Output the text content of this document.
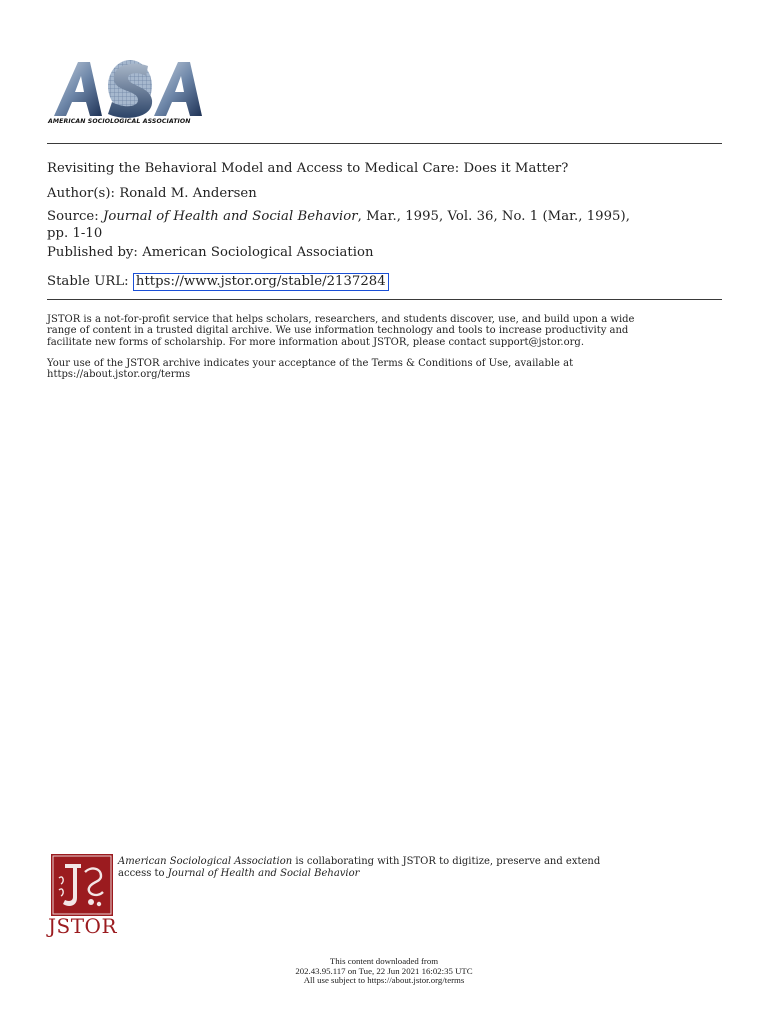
AMERICAN SOCIOLOGICAL ASSOCIATION
Revisiting the Behavioral Model and Access to Medical Care: Does it Matter?
Author(s): Ronald M. Andersen
Source: Journal of Health and Social Behavior, Mar., 1995, Vol. 36, No. 1 (Mar., 1995),
pp. 1-10
Published by: American Sociological Association
Stable URL: https://www.jstor.org/stable/2137284
JSTOR is a not-for-profit service that helps scholars, researchers, and students discover, use, and build upon a wide
range of content in a trusted digital archive. We use information technology and tools to increase productivity and
facilitate new forms of scholarship. For more information about JSTOR, please contact support@jstor.org.
Your use of the JSTOR archive indicates your acceptance of the Terms & Conditions of Use, available at
https://about.jstor.org/terms
JSTOR
American Sociological Association is collaborating with JSTOR to digitize, preserve and extend
access to Journal of Health and Social Behavior
This content downloaded from
202.43.95.117 on Tue, 22 Jun 2021 16:02:35 UTC
All use subject to https://about.jstor.org/terms
